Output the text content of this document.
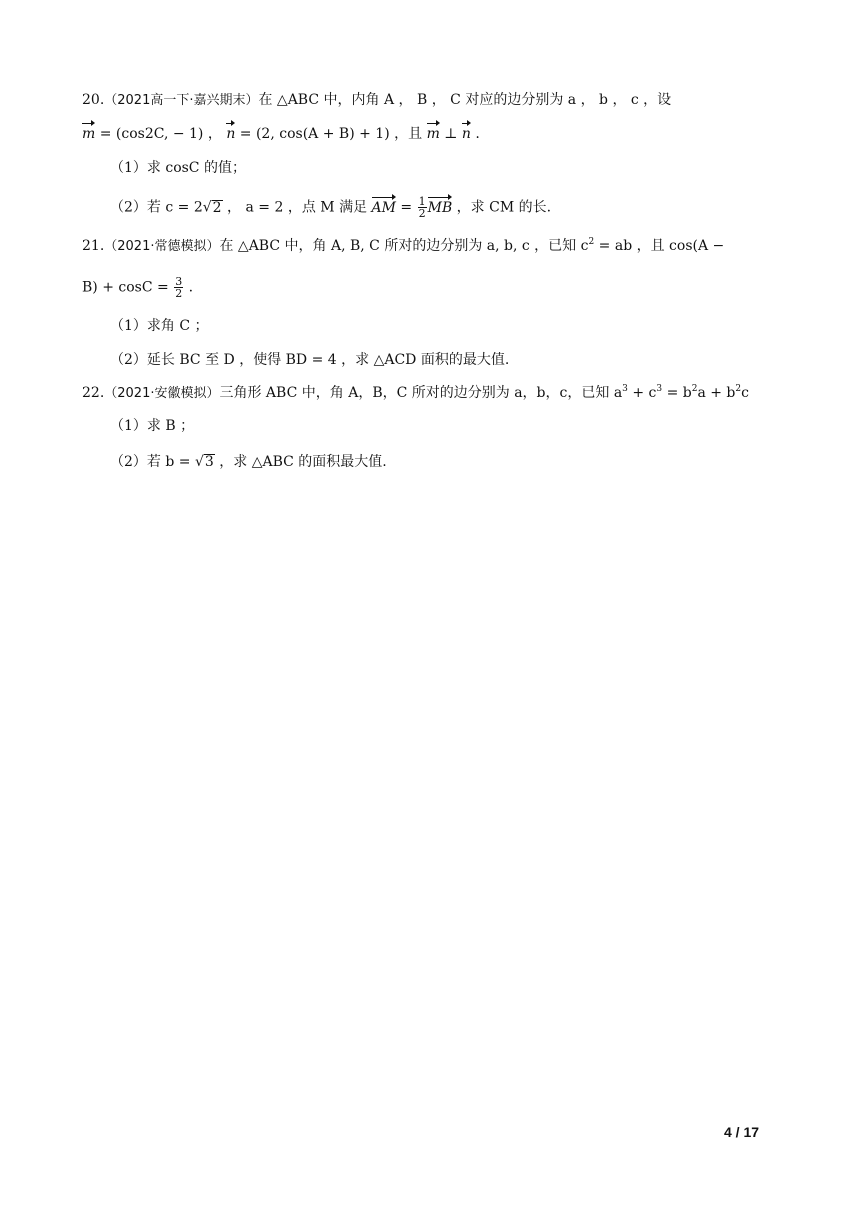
20.（2021高一下·嘉兴期末）在 △ABC 中，内角 A ， B ， C 对应的边分别为 a ， b ， c ，设
m = (cos2C, − 1) ， n = (2, cos(A + B) + 1) ，且 m ⊥ n .
（1）求 cosC 的值；
（2）若 c = 2√2 ， a = 2 ，点 M 满足 AM = $\frac{1}{2}$ MB ，求 CM 的长.
21.（2021·常德模拟）在 △ABC 中，角 A, B, C 所对的边分别为 a, b, c ，已知 $c^2$ = ab ，且 cos(A −
$B) + \cos C = \frac{3}{2}$ .
（1）求角 C ；
（2）延长 BC 至 D ，使得 BD = 4 ，求 △ACD 面积的最大值.
22.（2021·安徽模拟）三角形 ABC 中，角 A，B，C 所对的边分别为 a，b，c，已知 $a^3 + c^3 = b^2a + b^2c$
（1）求 B ；
（2）若 b = √3 ，求 △ABC 的面积最大值.
4 / 17
